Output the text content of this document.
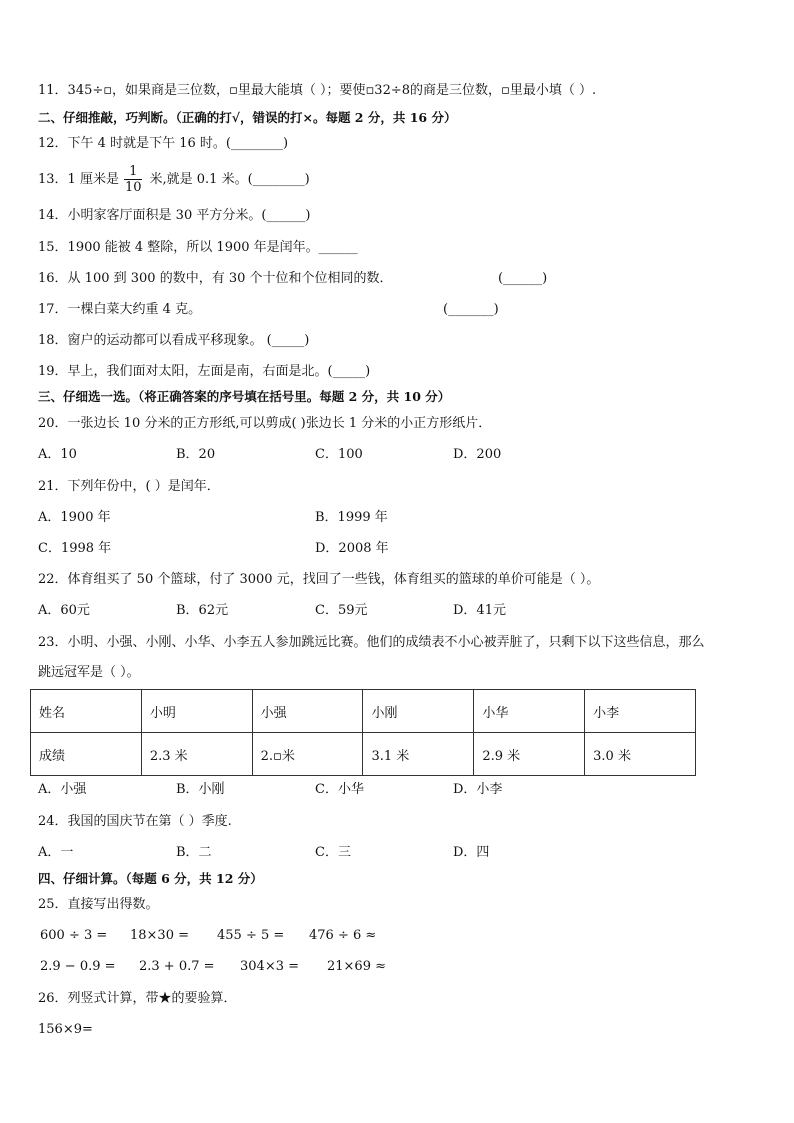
11．345÷▫，如果商是三位数，▫里最大能填（ ）；要使▫32÷8的商是三位数，▫里最小填（ ）.
二、仔细推敲，巧判断。（正确的打√，错误的打×。每题 2 分，共 16 分）
12．下午 4 时就是下午 16 时。(________)
13．1 厘米是 $\frac{1}{10}$ 米,就是 0.1 米。(________)
14．小明家客厅面积是 30 平方分米。(______)
15．1900 能被 4 整除，所以 1900 年是闰年。______
16．从 100 到 300 的数中，有 30 个十位和个位相同的数．	(______)
17．一棵白菜大约重 4 克。	(_______)
18．窗户的运动都可以看成平移现象。 (_____)
19．早上，我们面对太阳，左面是南，右面是北。(_____)
三、仔细选一选。（将正确答案的序号填在括号里。每题 2 分，共 10 分）
20．一张边长 10 分米的正方形纸,可以剪成( )张边长 1 分米的小正方形纸片．
A．10	B．20	C．100	D．200
21．下列年份中，( ）是闰年．
A．1900 年	B．1999 年
C．1998 年	D．2008 年
22．体育组买了 50 个篮球，付了 3000 元，找回了一些钱，体育组买的篮球的单价可能是（ ）。
A．60元	B．62元	C．59元	D．41元
23．小明、小强、小刚、小华、小李五人参加跳远比赛。他们的成绩表不小心被弄脏了，只剩下以下这些信息，那么
跳远冠军是（ ）。
姓名	小明	小强	小刚	小华	小李
成绩	2.3 米	2.▫米	3.1 米	2.9 米	3.0 米
A．小强	B．小刚	C．小华	D．小李
24．我国的国庆节在第（ ）季度.
A．一	B．二	C．三	D．四
四、仔细计算。（每题 6 分，共 12 分）
25．直接写出得数。
600 ÷ 3 = 18×30 = 455 ÷ 5 = 476 ÷ 6 ≈
2.9 − 0.9 = 2.3 + 0.7 = 304×3 = 21×69 ≈
26．列竖式计算，带★的要验算．
156×9=
